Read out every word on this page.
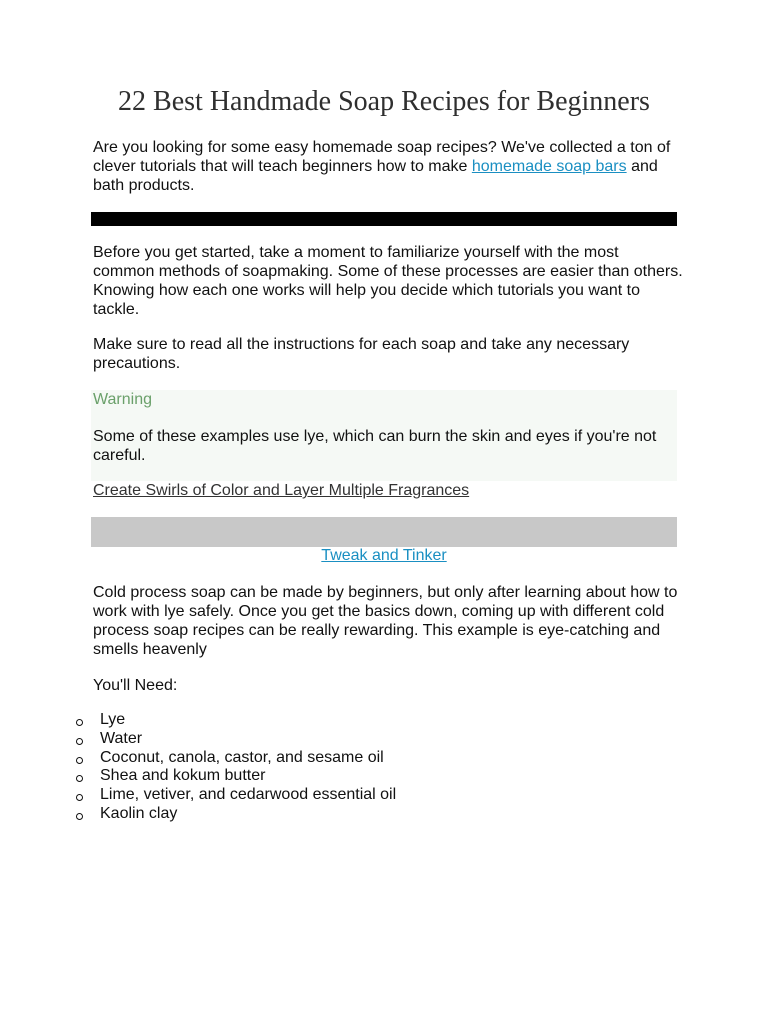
22 Best Handmade Soap Recipes for Beginners

Are you looking for some easy homemade soap recipes? We've collected a ton of clever tutorials that will teach beginners how to make homemade soap bars and bath products.

Before you get started, take a moment to familiarize yourself with the most common methods of soapmaking. Some of these processes are easier than others. Knowing how each one works will help you decide which tutorials you want to tackle.

Make sure to read all the instructions for each soap and take any necessary precautions.

Warning

Some of these examples use lye, which can burn the skin and eyes if you're not careful.

Create Swirls of Color and Layer Multiple Fragrances
Tweak and Tinker

Cold process soap can be made by beginners, but only after learning about how to work with lye safely. Once you get the basics down, coming up with different cold process soap recipes can be really rewarding. This example is eye-catching and smells heavenly

You'll Need:

Lye
Water
Coconut, canola, castor, and sesame oil
Shea and kokum butter
Lime, vetiver, and cedarwood essential oil
Kaolin clay
